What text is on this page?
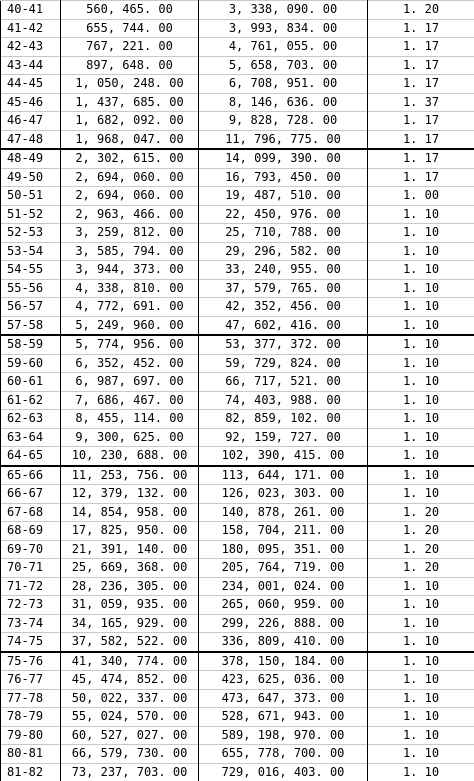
40-41	560, 465. 00	3, 338, 090. 00	1. 20
41-42	655, 744. 00	3, 993, 834. 00	1. 17
42-43	767, 221. 00	4, 761, 055. 00	1. 17
43-44	897, 648. 00	5, 658, 703. 00	1. 17
44-45	1, 050, 248. 00	6, 708, 951. 00	1. 17
45-46	1, 437, 685. 00	8, 146, 636. 00	1. 37
46-47	1, 682, 092. 00	9, 828, 728. 00	1. 17
47-48	1, 968, 047. 00	11, 796, 775. 00	1. 17
48-49	2, 302, 615. 00	14, 099, 390. 00	1. 17
49-50	2, 694, 060. 00	16, 793, 450. 00	1. 17
50-51	2, 694, 060. 00	19, 487, 510. 00	1. 00
51-52	2, 963, 466. 00	22, 450, 976. 00	1. 10
52-53	3, 259, 812. 00	25, 710, 788. 00	1. 10
53-54	3, 585, 794. 00	29, 296, 582. 00	1. 10
54-55	3, 944, 373. 00	33, 240, 955. 00	1. 10
55-56	4, 338, 810. 00	37, 579, 765. 00	1. 10
56-57	4, 772, 691. 00	42, 352, 456. 00	1. 10
57-58	5, 249, 960. 00	47, 602, 416. 00	1. 10
58-59	5, 774, 956. 00	53, 377, 372. 00	1. 10
59-60	6, 352, 452. 00	59, 729, 824. 00	1. 10
60-61	6, 987, 697. 00	66, 717, 521. 00	1. 10
61-62	7, 686, 467. 00	74, 403, 988. 00	1. 10
62-63	8, 455, 114. 00	82, 859, 102. 00	1. 10
63-64	9, 300, 625. 00	92, 159, 727. 00	1. 10
64-65	10, 230, 688. 00	102, 390, 415. 00	1. 10
65-66	11, 253, 756. 00	113, 644, 171. 00	1. 10
66-67	12, 379, 132. 00	126, 023, 303. 00	1. 10
67-68	14, 854, 958. 00	140, 878, 261. 00	1. 20
68-69	17, 825, 950. 00	158, 704, 211. 00	1. 20
69-70	21, 391, 140. 00	180, 095, 351. 00	1. 20
70-71	25, 669, 368. 00	205, 764, 719. 00	1. 20
71-72	28, 236, 305. 00	234, 001, 024. 00	1. 10
72-73	31, 059, 935. 00	265, 060, 959. 00	1. 10
73-74	34, 165, 929. 00	299, 226, 888. 00	1. 10
74-75	37, 582, 522. 00	336, 809, 410. 00	1. 10
75-76	41, 340, 774. 00	378, 150, 184. 00	1. 10
76-77	45, 474, 852. 00	423, 625, 036. 00	1. 10
77-78	50, 022, 337. 00	473, 647, 373. 00	1. 10
78-79	55, 024, 570. 00	528, 671, 943. 00	1. 10
79-80	60, 527, 027. 00	589, 198, 970. 00	1. 10
80-81	66, 579, 730. 00	655, 778, 700. 00	1. 10
81-82	73, 237, 703. 00	729, 016, 403. 00	1. 10
